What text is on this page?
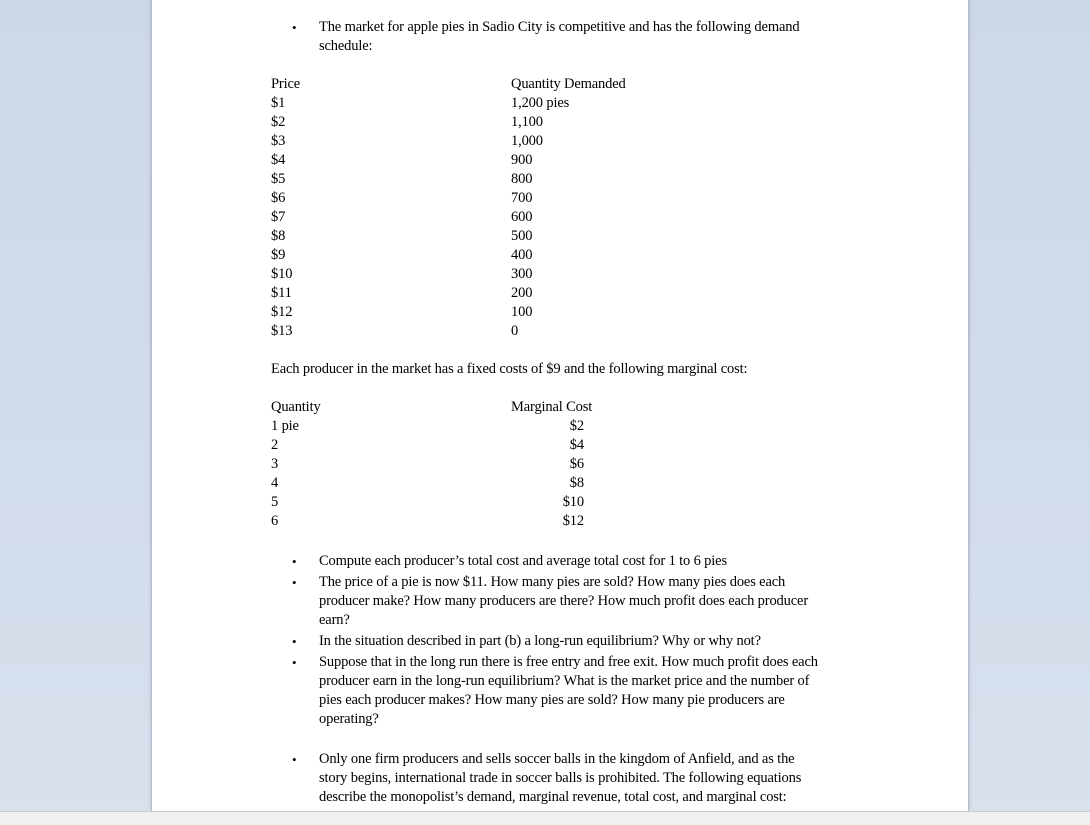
•
The market for apple pies in Sadio City is competitive and has the following demand
schedule:
Price	Quantity Demanded
$1
$2
$3
$4
$5
$6
$7
$8
$9
$10
$11
$12
$13
1,200 pies
1,100
1,000
900
800
700
600
500
400
300
200
100
0
Each producer in the market has a fixed costs of $9 and the following marginal cost:
Quantity	Marginal Cost
1 pie
2
3
4
5
6
$2
$4
$6
$8
$10
$12
•
Compute each producer’s total cost and average total cost for 1 to 6 pies
•
The price of a pie is now $11. How many pies are sold? How many pies does each
producer make? How many producers are there? How much profit does each producer
earn?
•
In the situation described in part (b) a long-run equilibrium? Why or why not?
•
Suppose that in the long run there is free entry and free exit. How much profit does each
producer earn in the long-run equilibrium? What is the market price and the number of
pies each producer makes? How many pies are sold? How many pie producers are
operating?
•
Only one firm producers and sells soccer balls in the kingdom of Anfield, and as the
story begins, international trade in soccer balls is prohibited. The following equations
describe the monopolist’s demand, marginal revenue, total cost, and marginal cost:
